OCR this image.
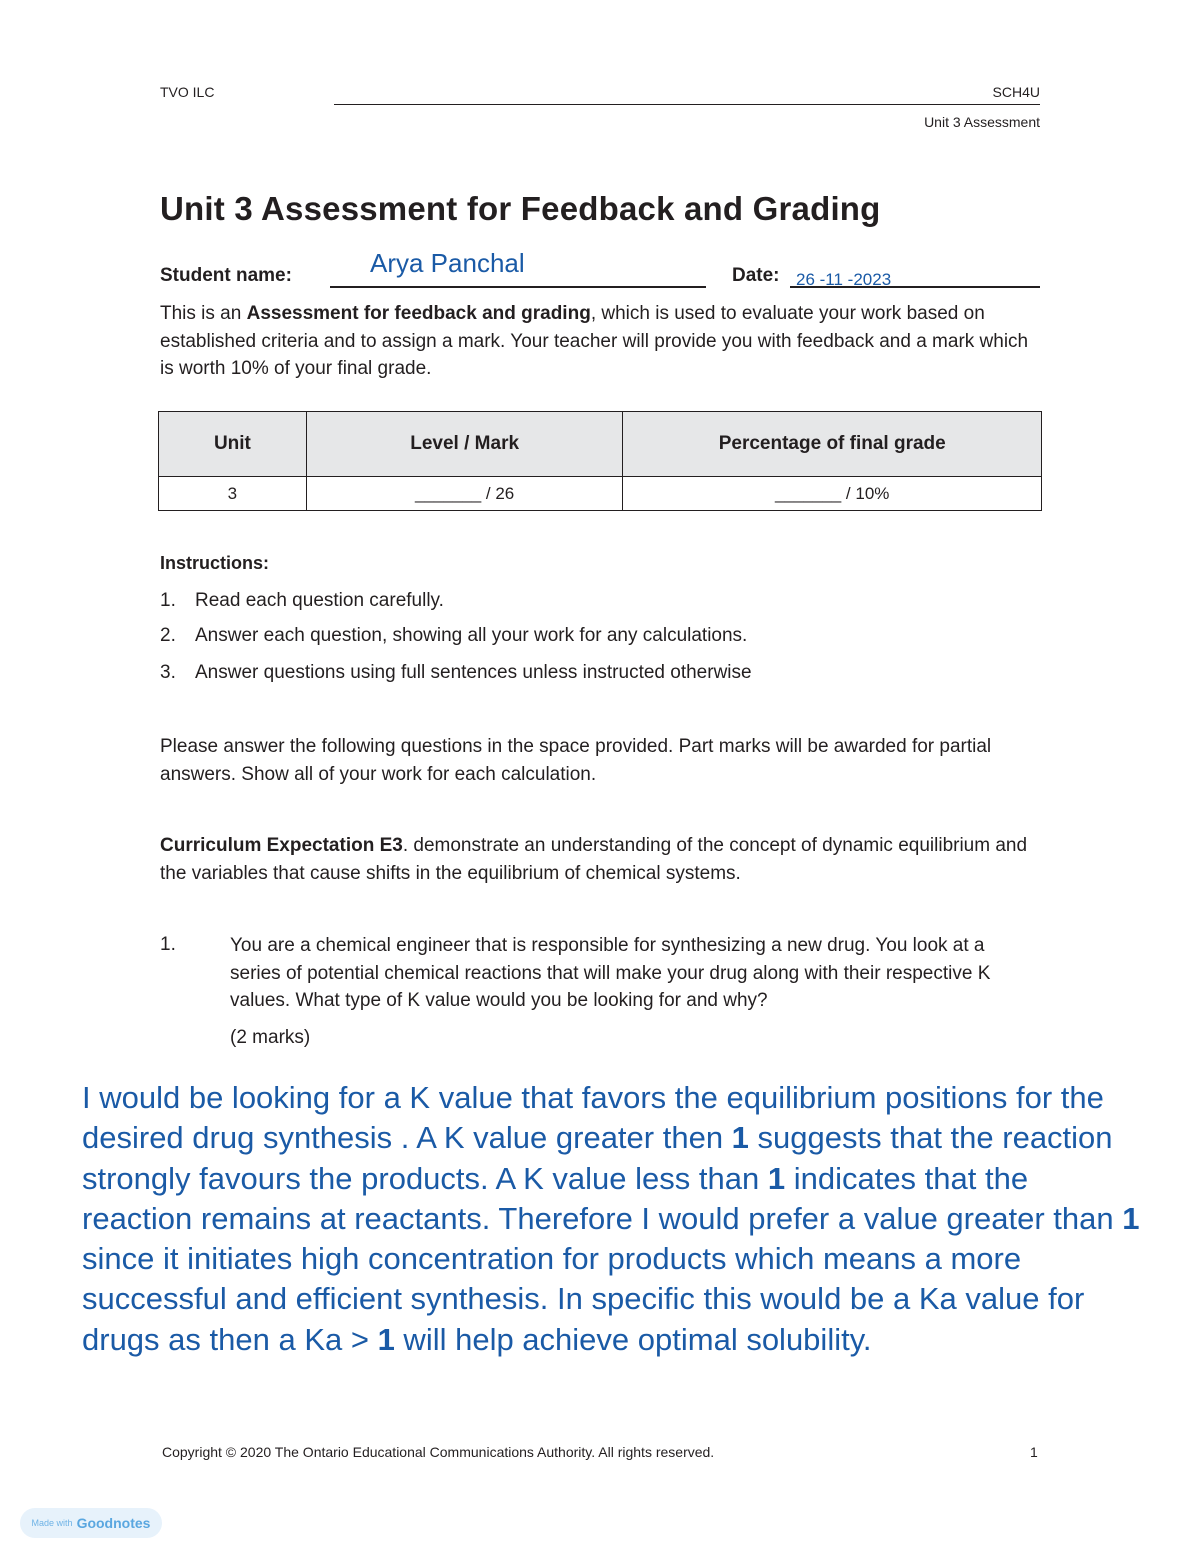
TVO ILC	SCH4U
Unit 3 Assessment
Unit 3 Assessment for Feedback and Grading
Student name:	Arya Panchal	Date: 26 -11 -2023
This is an Assessment for feedback and grading, which is used to evaluate your work based on established criteria and to assign a mark. Your teacher will provide you with feedback and a mark which is worth 10% of your final grade.
Unit	Level / Mark	Percentage of final grade
3	_______ / 26	_______ / 10%
Instructions:
1. Read each question carefully.
2. Answer each question, showing all your work for any calculations.
3. Answer questions using full sentences unless instructed otherwise
Please answer the following questions in the space provided. Part marks will be awarded for partial answers. Show all of your work for each calculation.
Curriculum Expectation E3. demonstrate an understanding of the concept of dynamic equilibrium and the variables that cause shifts in the equilibrium of chemical systems.
1.	You are a chemical engineer that is responsible for synthesizing a new drug. You look at a series of potential chemical reactions that will make your drug along with their respective K values. What type of K value would you be looking for and why?
(2 marks)
I would be looking for a K value that favors the equilibrium positions for the desired drug synthesis . A K value greater then 1 suggests that the reaction strongly favours the products. A K value less than 1 indicates that the reaction remains at reactants. Therefore I would prefer a value greater than 1 since it initiates high concentration for products which means a more successful and efficient synthesis. In specific this would be a Ka value for drugs as then a Ka > 1 will help achieve optimal solubility.
Copyright © 2020 The Ontario Educational Communications Authority. All rights reserved.	1
Made with Goodnotes
